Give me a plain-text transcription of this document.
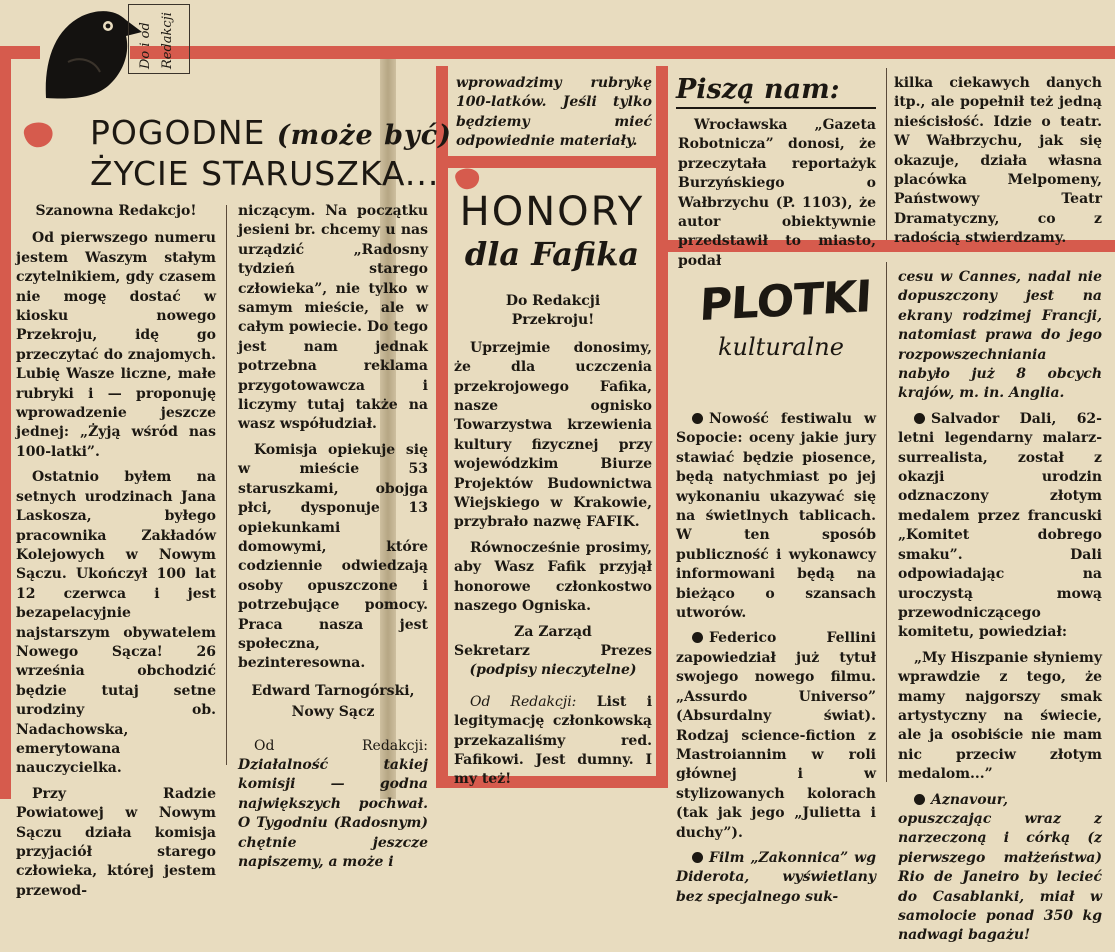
Do i od Redakcji
POGODNE (może być)
ŻYCIE STARUSZKA...

Szanowna Redakcjo!

Od pierwszego numeru jestem Waszym stałym czytelnikiem, gdy czasem nie mogę dostać w kiosku nowego Przekroju, idę go przeczytać do znajomych. Lubię Wasze liczne, małe rubryki i — proponuję wprowadzenie jeszcze jednej: „Żyją wśród nas 100-latki”.

Ostatnio byłem na setnych urodzinach Jana Laskosza, byłego pracownika Zakładów Kolejowych w Nowym Sączu. Ukończył 100 lat 12 czerwca i jest bezapelacyjnie najstarszym obywatelem Nowego Sącza! 26 września obchodzić będzie tutaj setne urodziny ob. Nadachowska, emerytowana nauczycielka.

Przy Radzie Powiatowej w Nowym Sączu działa komisja przyjaciół starego człowieka, której jestem przewod-

niczącym. Na początku jesieni br. chcemy u nas urządzić „Radosny tydzień starego człowieka”, nie tylko w samym mieście, ale w całym powiecie. Do tego jest nam jednak potrzebna reklama przygotowawcza i liczymy tutaj także na wasz współudział.

Komisja opiekuje się w mieście 53 staruszkami, obojga płci, dysponuje 13 opiekunkami domowymi, które codziennie odwiedzają osoby opuszczone i potrzebujące pomocy. Praca nasza jest społeczna, bezinteresowna.

Edward Tarnogórski,

Nowy Sącz

Od Redakcji: Działalność takiej komisji — godna największych pochwał. O Tygodniu (Radosnym) chętnie jeszcze napiszemy, a może i

wprowadzimy rubrykę 100-latków. Jeśli tylko będziemy mieć odpowiednie materiały.

HONORY
dla Fafika

Do Redakcji

Przekroju!

Uprzejmie donosimy, że dla uczczenia przekrojowego Fafika, nasze ognisko Towarzystwa krzewienia kultury fizycznej przy wojewódzkim Biurze Projektów Budownictwa Wiejskiego w Krakowie, przybrało nazwę FAFIK.

Równocześnie prosimy, aby Wasz Fafik przyjął honorowe członkostwo naszego Ogniska.

Za Zarząd

Sekretarz	Prezes

(podpisy nieczytelne)

Od Redakcji: List i legitymację członkowską przekazaliśmy red. Fafikowi. Jest dumny. I my też!

Piszą nam:

Wrocławska „Gazeta Robotnicza” donosi, że przeczytała reportażyk Burzyńskiego o Wałbrzychu (P. 1103), że autor obiektywnie przedstawił to miasto, podał

kilka ciekawych danych itp., ale popełnił też jedną nieścisłość. Idzie o teatr. W Wałbrzychu, jak się okazuje, działa własna placówka Melpomeny, Państwowy Teatr Dramatyczny, co z radością stwierdzamy.

PLOTKI
kulturalne

Nowość festiwalu w Sopocie: oceny jakie jury stawiać będzie piosence, będą natychmiast po jej wykonaniu ukazywać się na świetlnych tablicach. W ten sposób publiczność i wykonawcy informowani będą na bieżąco o szansach utworów.

Federico Fellini zapowiedział już tytuł swojego nowego filmu. „Assurdo Universo” (Absurdalny świat). Rodzaj science-fiction z Mastroiannim w roli głównej i w stylizowanych kolorach (tak jak jego „Julietta i duchy”).

Film „Zakonnica” wg Diderota, wyświetlany bez specjalnego suk-

cesu w Cannes, nadal nie dopuszczony jest na ekrany rodzimej Francji, natomiast prawa do jego rozpowszechniania nabyło już 8 obcych krajów, m. in. Anglia.

Salvador Dali, 62-letni legendarny malarz-surrealista, został z okazji urodzin odznaczony złotym medalem przez francuski „Komitet dobrego smaku”. Dali odpowiadając na uroczystą mową przewodniczącego komitetu, powiedział:

„My Hiszpanie słyniemy wprawdzie z tego, że mamy najgorszy smak artystyczny na świecie, ale ja osobiście nie mam nic przeciw złotym medalom...”

Aznavour, opuszczając wraz z narzeczoną i córką (z pierwszego małżeństwa) Rio de Janeiro by lecieć do Casablanki, miał w samolocie ponad 350 kg nadwagi bagażu!
